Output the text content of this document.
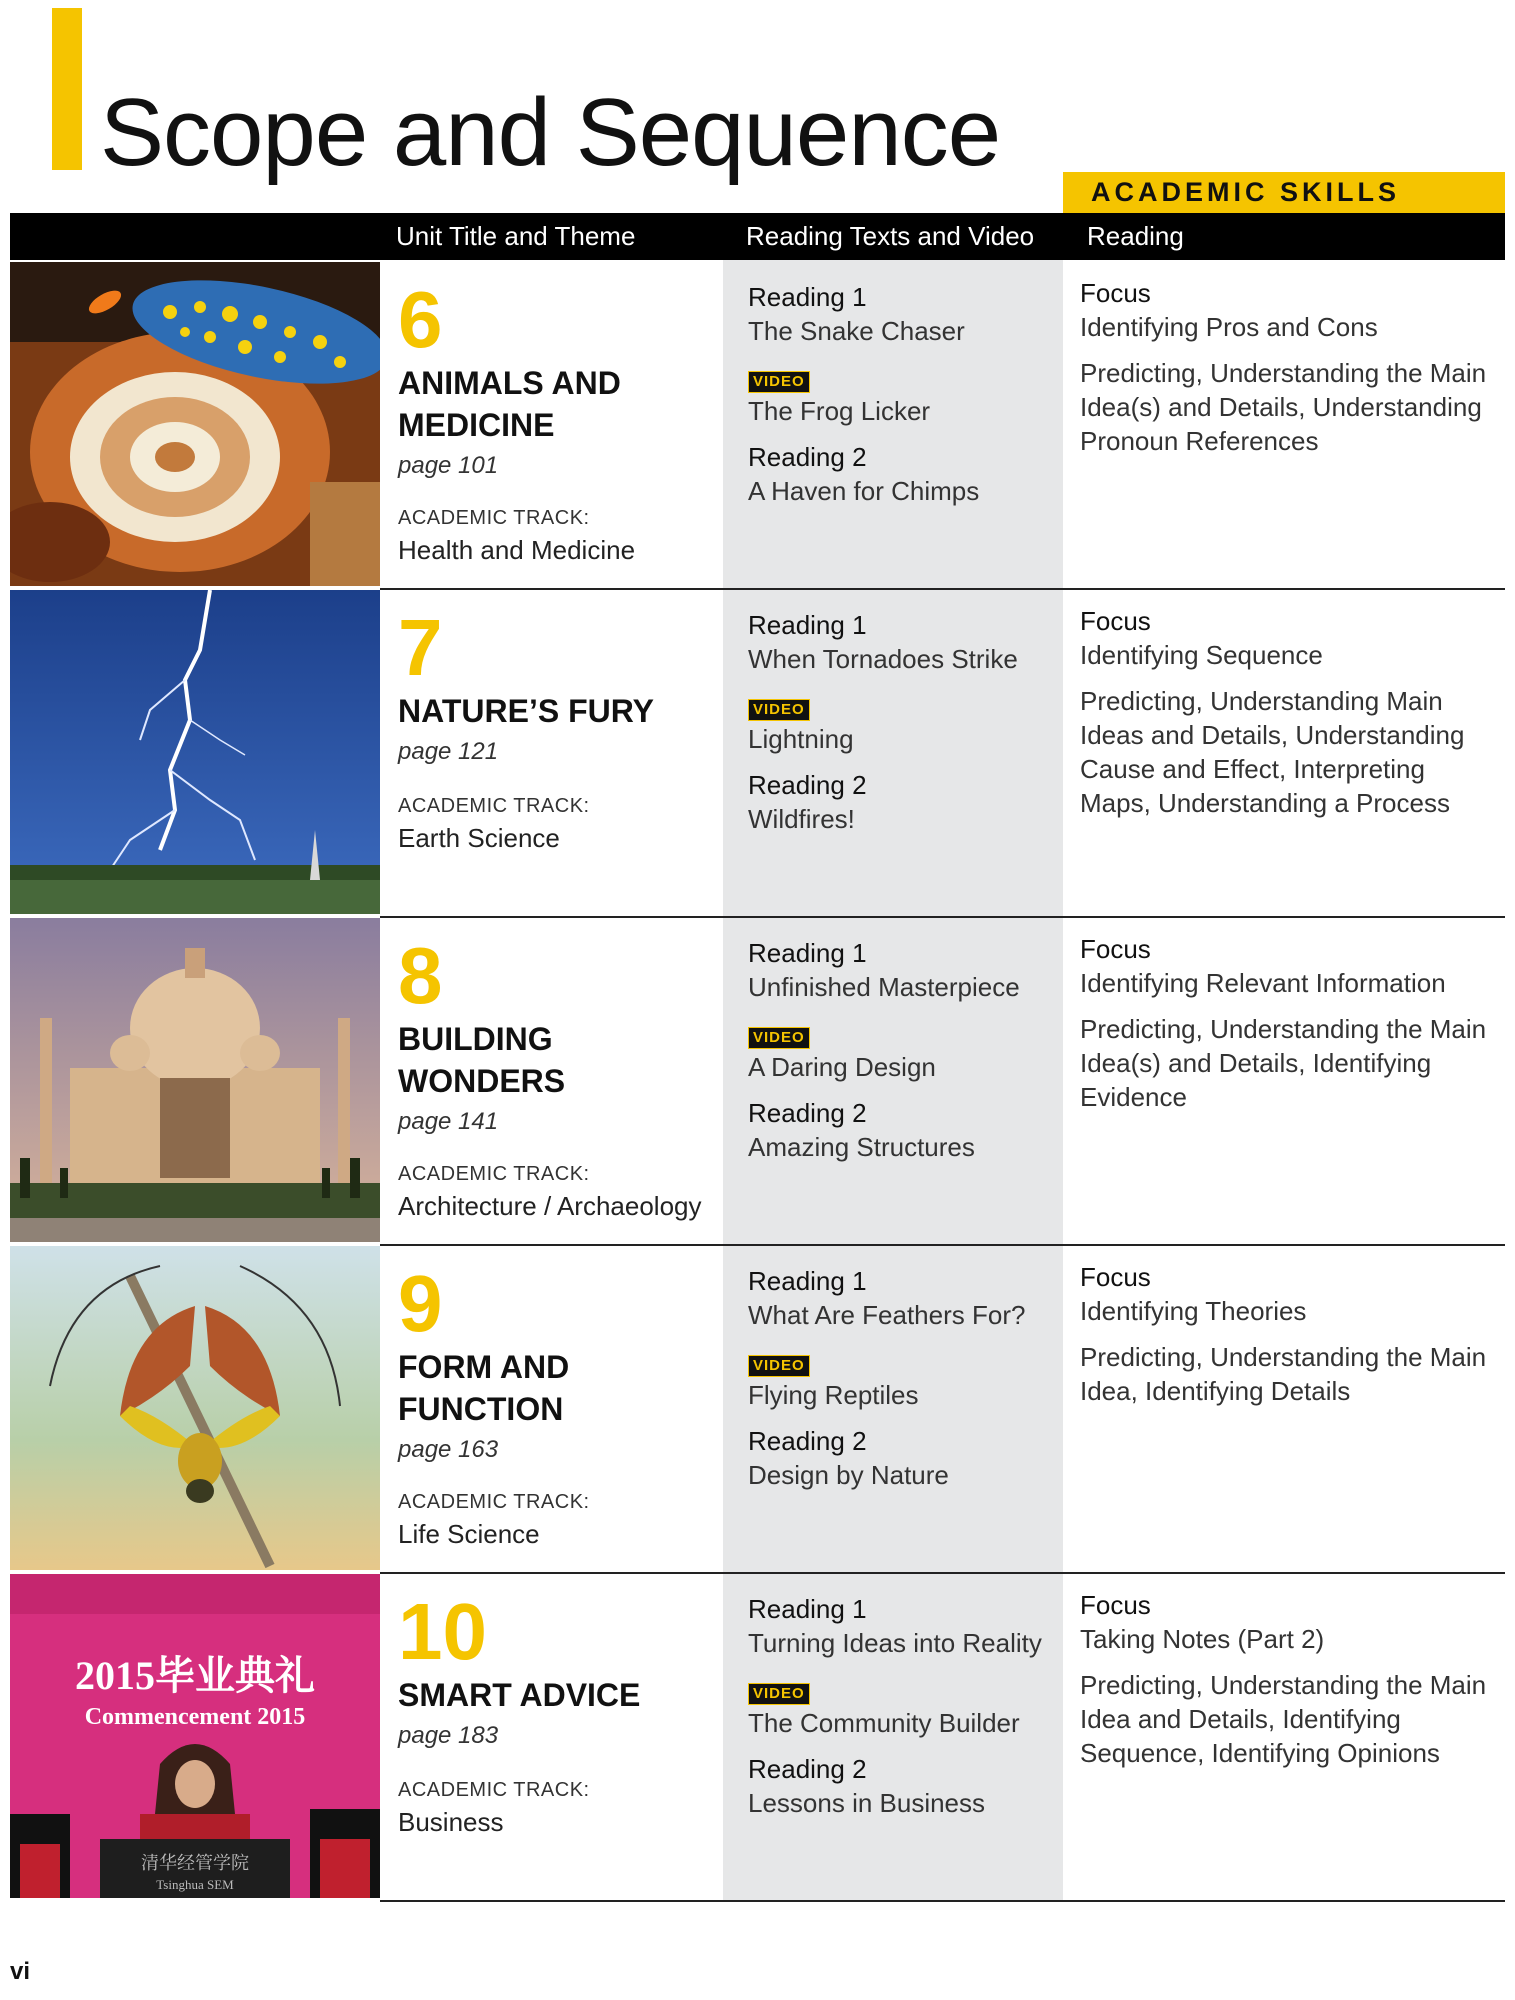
Scope and Sequence
ACADEMIC SKILLS
Unit Title and Theme	Reading Texts and Video Reading
6
ANIMALS AND MEDICINE
page 101
ACADEMIC TRACK:
Health and Medicine
Reading 1
The Snake Chaser
VIDEO
The Frog Licker
Reading 2
A Haven for Chimps
Focus
Identifying Pros and Cons
Predicting, Understanding the Main Idea(s) and Details, Understanding Pronoun References
7
NATURE’S FURY
page 121
ACADEMIC TRACK:
Earth Science
Reading 1
When Tornadoes Strike
VIDEO
Lightning
Reading 2
Wildfires!
Focus
Identifying Sequence
Predicting, Understanding Main Ideas and Details, Understanding Cause and Effect, Interpreting Maps, Understanding a Process
8
BUILDING WONDERS
page 141
ACADEMIC TRACK:
Architecture / Archaeology
Reading 1
Unfinished Masterpiece
VIDEO
A Daring Design
Reading 2
Amazing Structures
Focus
Identifying Relevant Information
Predicting, Understanding the Main Idea(s) and Details, Identifying Evidence
9
FORM AND FUNCTION
page 163
ACADEMIC TRACK:
Life Science
Reading 1
What Are Feathers For?
VIDEO
Flying Reptiles
Reading 2
Design by Nature
Focus
Identifying Theories
Predicting, Understanding the Main Idea, Identifying Details
2015毕业典礼
Commencement 2015
清华经管学院
Tsinghua SEM
10
SMART ADVICE
page 183
ACADEMIC TRACK:
Business
Reading 1
Turning Ideas into Reality
VIDEO
The Community Builder
Reading 2
Lessons in Business
Focus
Taking Notes (Part 2)
Predicting, Understanding the Main Idea and Details, Identifying Sequence, Identifying Opinions
vi
